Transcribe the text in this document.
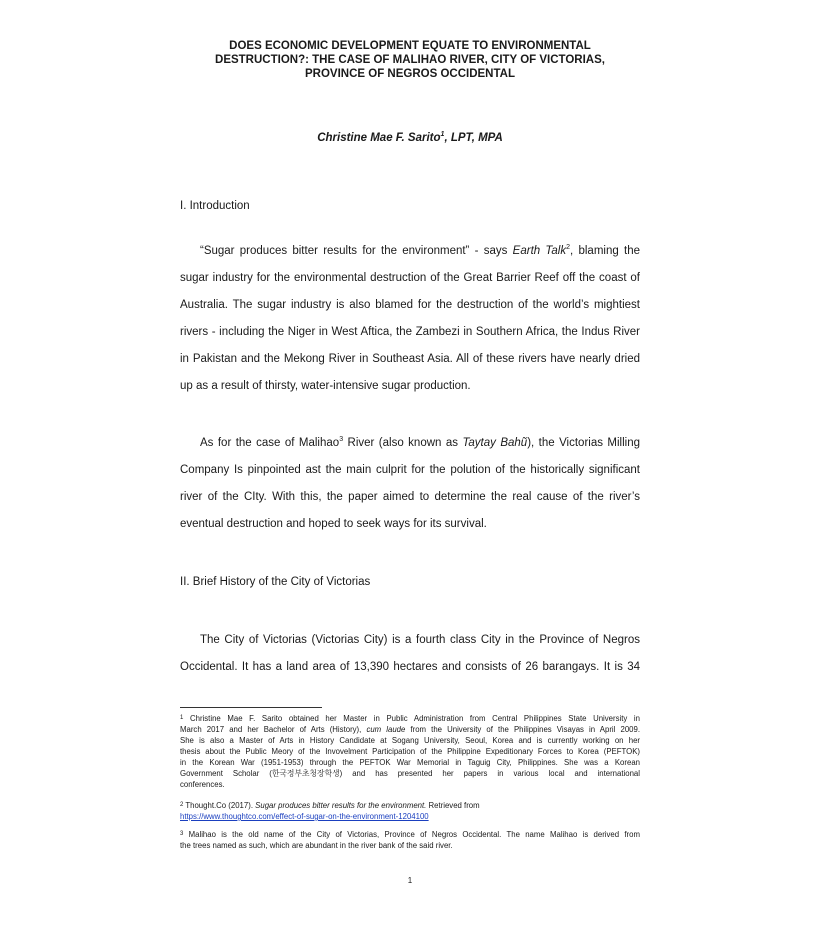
DOES ECONOMIC DEVELOPMENT EQUATE TO ENVIRONMENTAL
DESTRUCTION?: THE CASE OF MALIHAO RIVER, CITY OF VICTORIAS,
PROVINCE OF NEGROS OCCIDENTAL
Christine Mae F. Sarito$^1$, LPT, MPA
I. Introduction
“Sugar produces bitter results for the environment” - says Earth Talk$^2$, blaming the
sugar industry for the environmental destruction of the Great Barrier Reef off the coast of
Australia. The sugar industry is also blamed for the destruction of the world’s mightiest
rivers - including the Niger in West Aftica, the Zambezi in Southern Africa, the Indus River
in Pakistan and the Mekong River in Southeast Asia. All of these rivers have nearly dried
up as a result of thirsty, water-intensive sugar production.
As for the case of Malihao$^3$ River (also known as Taytay Bahũ), the Victorias Milling
Company Is pinpointed ast the main culprit for the polution of the historically significant
river of the CIty. With this, the paper aimed to determine the real cause of the river’s
eventual destruction and hoped to seek ways for its survival.
II. Brief History of the City of Victorias
The City of Victorias (Victorias City) is a fourth class City in the Province of Negros
Occidental. It has a land area of 13,390 hectares and consists of 26 barangays. It is 34
$^1$ Christine Mae F. Sarito obtained her Master in Public Administration from Central Philippines State University in
March 2017 and her Bachelor of Arts (History), cum laude from the University of the Philippines Visayas in April 2009.
She is also a Master of Arts in History Candidate at Sogang University, Seoul, Korea and is currently working on her
thesis about the Public Meory of the Invovelment Participation of the Philippine Expeditionary Forces to Korea (PEFTOK)
in the Korean War (1951-1953) through the PEFTOK War Memorial in Taguig City, Philippines. She was a Korean
Government Scholar (한국정부초청장학생) and has presented her papers in various local and international
conferences.
$^2$ Thought.Co (2017). Sugar produces bitter results for the environment. Retrieved from
https://www.thoughtco.com/effect-of-sugar-on-the-environment-1204100
$^3$ Malihao is the old name of the City of Victorias, Province of Negros Occidental. The name Malihao is derived from
the trees named as such, which are abundant in the river bank of the said river.
1
